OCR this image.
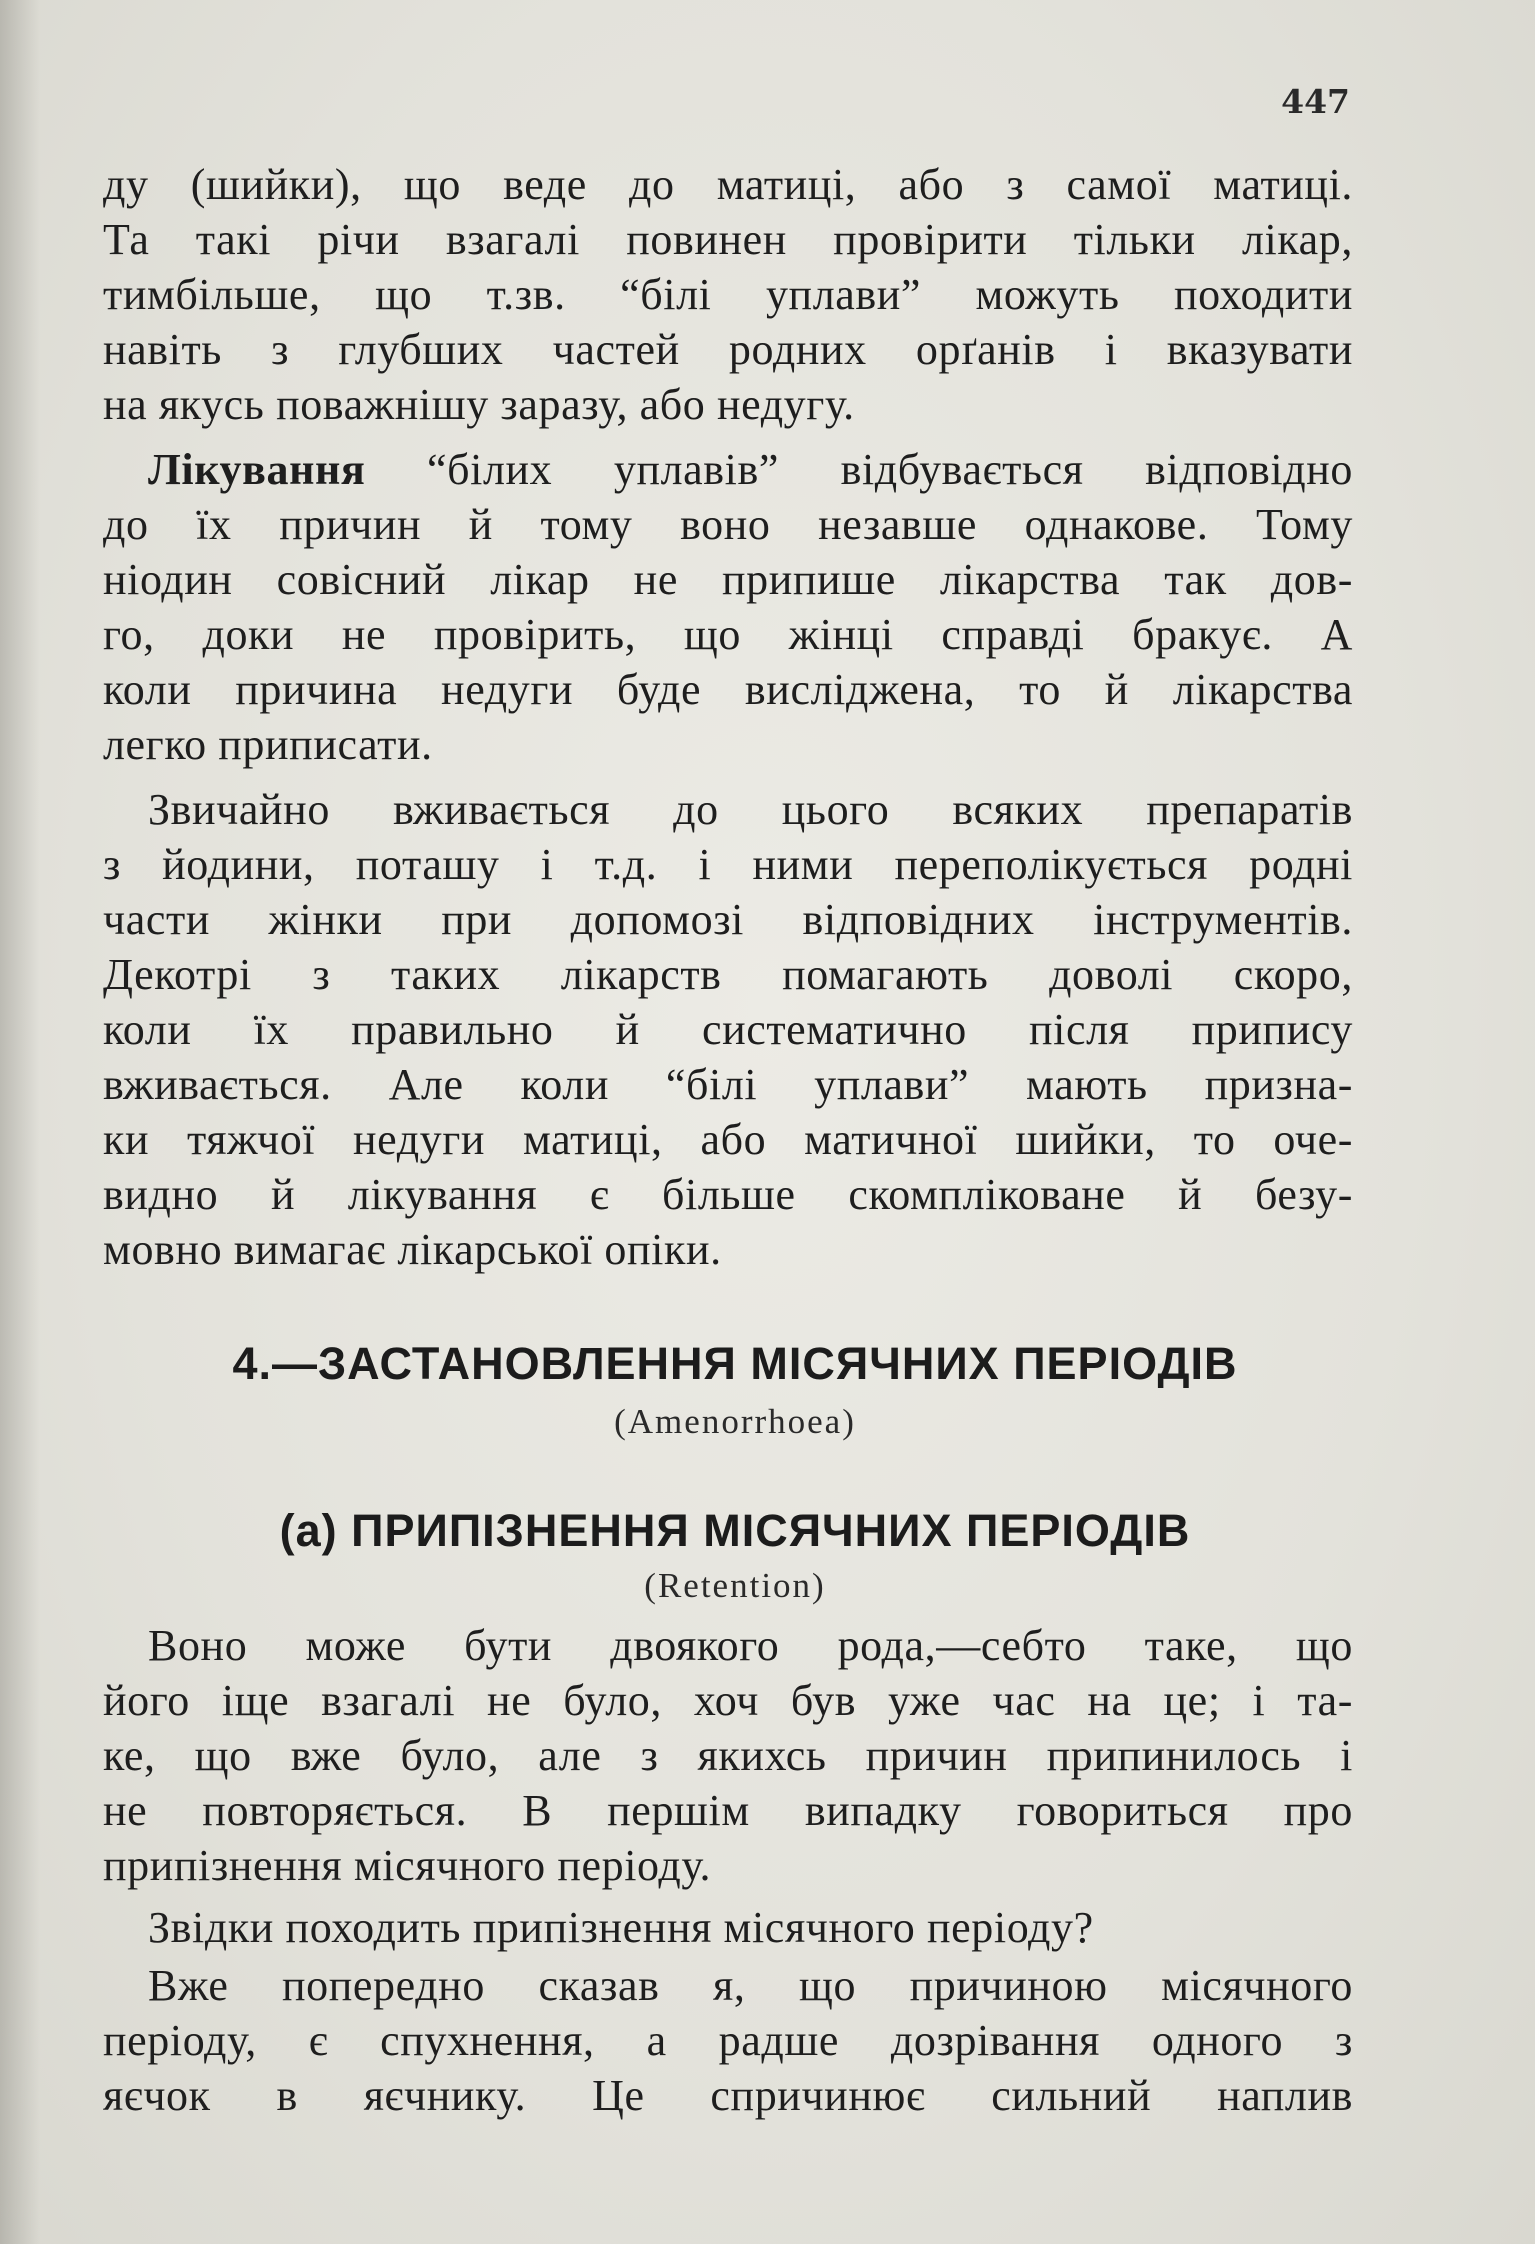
447
ду (шийки), що веде до матиці, або з самої матиці.
Та такі річи взагалі повинен провірити тільки лікар,
тимбільше, що т.зв. “білі уплави” можуть походити
навіть з глубших частей родних орґанів і вказувати
на якусь поважнішу заразу, або недугу.
Лікування “білих уплавів” відбувається відповідно
до їх причин й тому воно незавше однакове. Тому
ніодин совісний лікар не припише лікарства так дов-
го, доки не провірить, що жінці справді бракує. А
коли причина недуги буде висліджена, то й лікарства
легко приписати.
Звичайно вживається до цього всяких препаратів
з йодини, поташу і т.д. і ними переполікується родні
части жінки при допомозі відповідних інструментів.
Декотрі з таких лікарств помагають доволі скоро,
коли їх правильно й систематично після припису
вживається. Але коли “білі уплави” мають призна-
ки тяжчої недуги матиці, або матичної шийки, то оче-
видно й лікування є більше скомпліковане й безу-
мовно вимагає лікарської опіки.
4.—ЗАСТАНОВЛЕННЯ МІСЯЧНИХ ПЕРІОДІВ
(Amenorrhoea)
(a) ПРИПІЗНЕННЯ МІСЯЧНИХ ПЕРІОДІВ
(Retention)
Воно може бути двоякого рода,—себто таке, що
його іще взагалі не було, хоч був уже час на це; і та-
ке, що вже було, але з якихсь причин припинилось і
не повторяється. В першім випадку говориться про
припізнення місячного періоду.
Звідки походить припізнення місячного періоду?
Вже попередно сказав я, що причиною місячного
періоду, є спухнення, а радше дозрівання одного з
яєчок в яєчнику. Це спричинює сильний наплив
